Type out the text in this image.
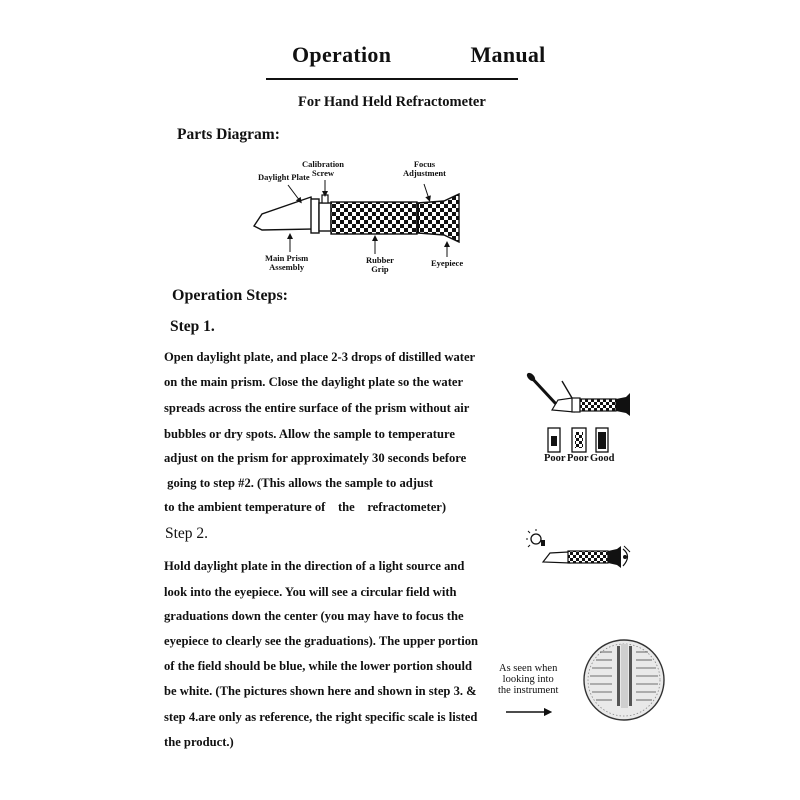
Operation    Manual
For Hand Held Refractometer
Parts Diagram:
Calibration
Screw
Daylight Plate
Focus
Adjustment
Main Prism
Assembly
Rubber
Grip
Eyepiece
Operation Steps:
Step 1.
Open daylight plate, and place 2-3 drops of distilled water
on the main prism. Close the daylight plate so the water
spreads across the entire surface of the prism without air
bubbles or dry spots. Allow the sample to temperature
adjust on the prism for approximately 30 seconds before
going to step #2. (This allows the sample to adjust
to the ambient temperature of    the    refractometer)
Step 2.
Hold daylight plate in the direction of a light source and
look into the eyepiece. You will see a circular field with
graduations down the center (you may have to focus the
eyepiece to clearly see the graduations). The upper portion
of the field should be blue, while the lower portion should
be white. (The pictures shown here and shown in step 3. &
step 4.are only as reference, the right specific scale is listed
the product.)
Poor Poor Good
As seen when
looking into
the instrument
